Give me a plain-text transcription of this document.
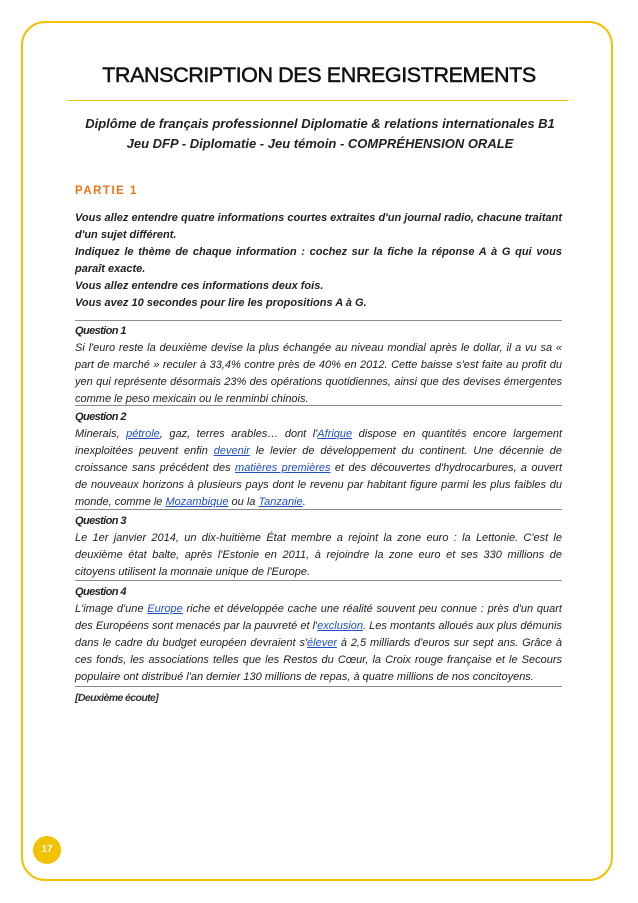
TRANSCRIPTION DES ENREGISTREMENTS
Diplôme de français professionnel Diplomatie & relations internationales B1
Jeu DFP - Diplomatie - Jeu témoin - COMPRÉHENSION ORALE
PARTIE 1

Vous allez entendre quatre informations courtes extraites d'un journal radio, chacune traitant d'un sujet différent.

Indiquez le thème de chaque information : cochez sur la fiche la réponse A à G qui vous paraît exacte.

Vous allez entendre ces informations deux fois.

Vous avez 10 secondes pour lire les propositions A à G.

Question 1
Si l'euro reste la deuxième devise la plus échangée au niveau mondial après le dollar, il a vu sa « part de marché » reculer à 33,4% contre près de 40% en 2012. Cette baisse s'est faite au profit du yen qui représente désormais 23% des opérations quotidiennes, ainsi que des devises émergentes comme le peso mexicain ou le renminbi chinois.
Question 2
Minerais, pétrole, gaz, terres arables… dont l'Afrique dispose en quantités encore largement inexploitées peuvent enfin devenir le levier de développement du continent. Une décennie de croissance sans précédent des matières premières et des découvertes d'hydrocarbures, a ouvert de nouveaux horizons à plusieurs pays dont le revenu par habitant figure parmi les plus faibles du monde, comme le Mozambique ou la Tanzanie.
Question 3
Le 1er janvier 2014, un dix-huitième État membre a rejoint la zone euro : la Lettonie. C'est le deuxième état balte, après l'Estonie en 2011, à rejoindre la zone euro et ses 330 millions de citoyens utilisent la monnaie unique de l'Europe.
Question 4
L'image d'une Europe riche et développée cache une réalité souvent peu connue : près d'un quart des Européens sont menacés par la pauvreté et l'exclusion. Les montants alloués aux plus démunis dans le cadre du budget européen devraient s'élever à 2,5 milliards d'euros sur sept ans. Grâce à ces fonds, les associations telles que les Restos du Cœur, la Croix rouge française et le Secours populaire ont distribué l'an dernier 130 millions de repas, à quatre millions de nos concitoyens.
[Deuxième écoute]
17
